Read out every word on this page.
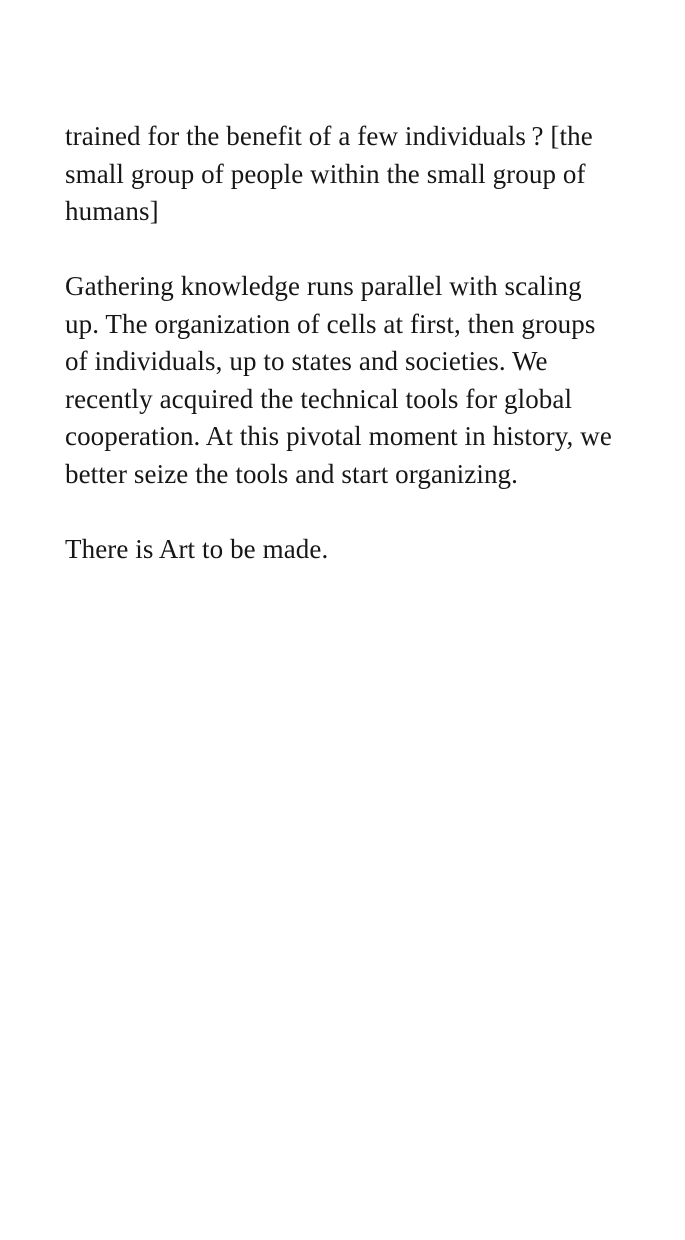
trained for the benefit of a few individuals ? [the small group of people within the small group of humans]

Gathering knowledge runs parallel with scaling up. The organization of cells at first, then groups of individuals, up to states and societies. We recently acquired the technical tools for global cooperation. At this pivotal moment in history, we better seize the tools and start organizing.

There is Art to be made.
